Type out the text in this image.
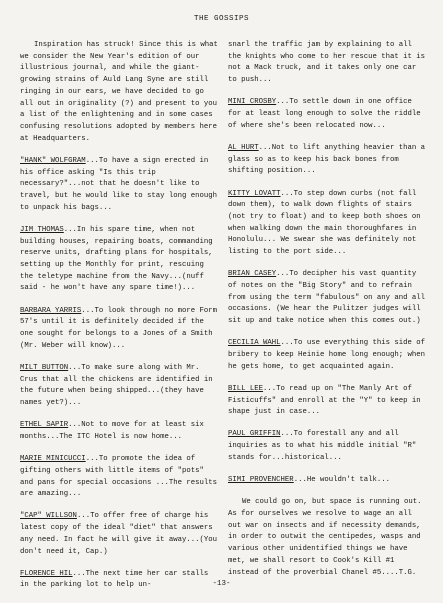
THE GOSSIPS

Inspiration has struck! Since this is what we consider the New Year's edition of our illustrious journal, and while the giant-growing strains of Auld Lang Syne are still ringing in our ears, we have decided to go all out in originality (?) and present to you a list of the enlightening and in some cases confusing resolutions adopted by members here at Headquarters.

"HANK" WOLFGRAM...To have a sign erected in his office asking "Is this trip necessary?"...not that he doesn't like to travel, but he would like to stay long enough to unpack his bags...

JIM THOMAS...In his spare time, when not building houses, repairing boats, commanding reserve units, drafting plans for hospitals, setting up the Monthly for print, rescuing the teletype machine from the Navy...(nuff said - he won't have any spare time!)...

BARBARA YARRIS...To look through no more Form 57's until it is definitely decided if the one sought for belongs to a Jones of a Smith (Mr. Weber will know)...

MILT BUTTON...To make sure along with Mr. Crus that all the chickens are identified in the future when being shipped...(they have names yet?)...

ETHEL SAPIR...Not to move for at least six months...The ITC Hotel is now home...

MARIE MINICUCCI...To promote the idea of gifting others with little items of "pots" and pans for special occasions ...The results are amazing...

"CAP" WILLSON...To offer free of charge his latest copy of the ideal "diet" that answers any need. In fact he will give it away...(You don't need it, Cap.)

FLORENCE HIL...The next time her car stalls in the parking lot to help un-

snarl the traffic jam by explaining to all the knights who come to her rescue that it is not a Mack truck, and it takes only one car to push...

MINI CROSBY...To settle down in one office for at least long enough to solve the riddle of where she's been relocated now...

AL HURT...Not to lift anything heavier than a glass so as to keep his back bones from shifting position...

KITTY LOVATT...To step down curbs (not fall down them), to walk down flights of stairs (not try to float) and to keep both shoes on when walking down the main thoroughfares in Honolulu... We swear she was definitely not listing to the port side...

BRIAN CASEY...To decipher his vast quantity of notes on the "Big Story" and to refrain from using the term "fabulous" on any and all occasions. (We hear the Pulitzer judges will sit up and take notice when this comes out.)

CECILIA WAHL...To use everything this side of bribery to keep Heinie home long enough; when he gets home, to get acquainted again.

BILL LEE...To read up on "The Manly Art of Fisticuffs" and enroll at the "Y" to keep in shape just in case...

PAUL GRIFFIN...To forestall any and all inquiries as to what his middle initial "R" stands for...historical...

SIMI PROVENCHER...He wouldn't talk...

We could go on, but space is running out. As for ourselves we resolve to wage an all out war on insects and if necessity demands, in order to outwit the centipedes, wasps and various other unidentified things we have met, we shall resort to Cook's Kill #1 instead of the proverbial Chanel #5....T.G.

-13-
